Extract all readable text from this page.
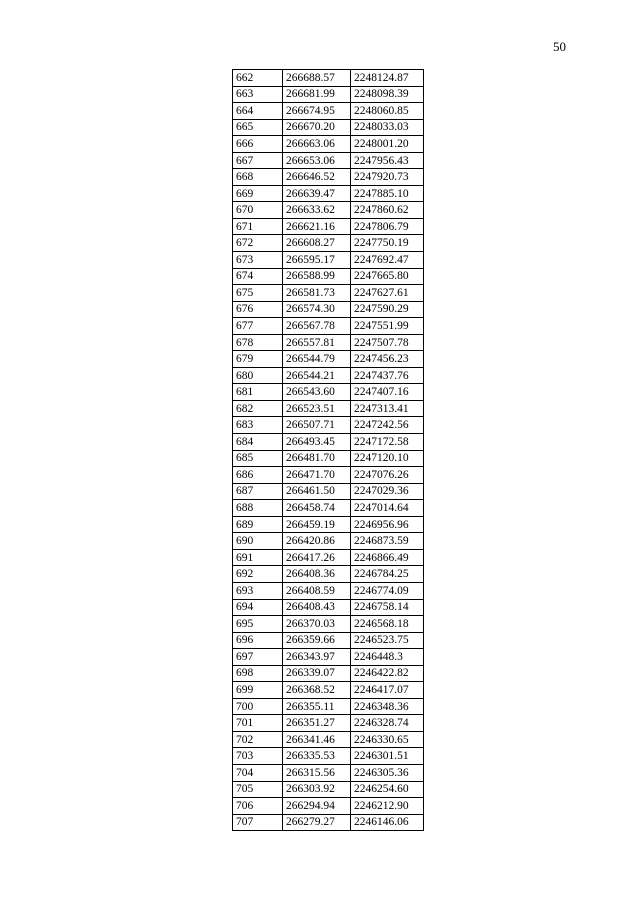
50
662	266688.57	2248124.87
663	266681.99	2248098.39
664	266674.95	2248060.85
665	266670.20	2248033.03
666	266663.06	2248001.20
667	266653.06	2247956.43
668	266646.52	2247920.73
669	266639.47	2247885.10
670	266633.62	2247860.62
671	266621.16	2247806.79
672	266608.27	2247750.19
673	266595.17	2247692.47
674	266588.99	2247665.80
675	266581.73	2247627.61
676	266574.30	2247590.29
677	266567.78	2247551.99
678	266557.81	2247507.78
679	266544.79	2247456.23
680	266544.21	2247437.76
681	266543.60	2247407.16
682	266523.51	2247313.41
683	266507.71	2247242.56
684	266493.45	2247172.58
685	266481.70	2247120.10
686	266471.70	2247076.26
687	266461.50	2247029.36
688	266458.74	2247014.64
689	266459.19	2246956.96
690	266420.86	2246873.59
691	266417.26	2246866.49
692	266408.36	2246784.25
693	266408.59	2246774.09
694	266408.43	2246758.14
695	266370.03	2246568.18
696	266359.66	2246523.75
697	266343.97	2246448.3
698	266339.07	2246422.82
699	266368.52	2246417.07
700	266355.11	2246348.36
701	266351.27	2246328.74
702	266341.46	2246330.65
703	266335.53	2246301.51
704	266315.56	2246305.36
705	266303.92	2246254.60
706	266294.94	2246212.90
707	266279.27	2246146.06
